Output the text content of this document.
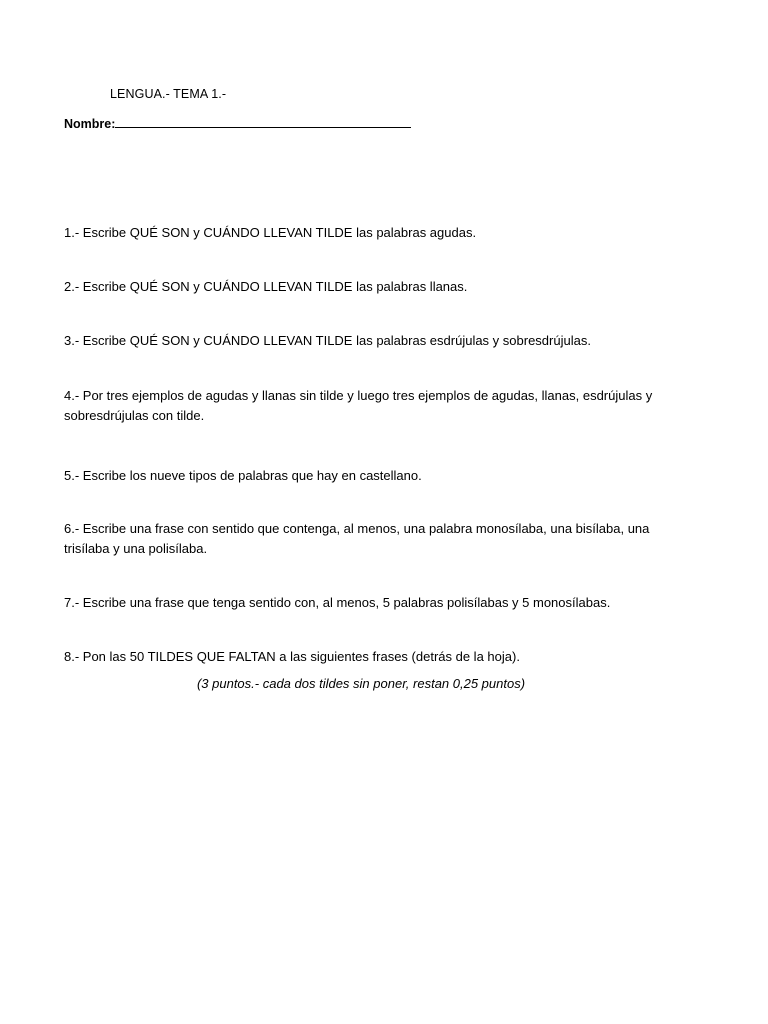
LENGUA.- TEMA 1.-
Nombre:
1.- Escribe QUÉ SON y CUÁNDO LLEVAN TILDE las palabras agudas.
2.- Escribe QUÉ SON y CUÁNDO LLEVAN TILDE las palabras llanas.
3.- Escribe QUÉ SON y CUÁNDO LLEVAN TILDE las palabras esdrújulas y sobresdrújulas.
4.- Por tres ejemplos de agudas y llanas sin tilde y luego tres ejemplos de agudas, llanas, esdrújulas y sobresdrújulas con tilde.
5.- Escribe los nueve tipos de palabras que hay en castellano.
6.- Escribe una frase con sentido que contenga, al menos, una palabra monosílaba, una bisílaba, una trisílaba y una polisílaba.
7.- Escribe una frase que tenga sentido con, al menos, 5 palabras polisílabas y 5 monosílabas.
8.- Pon las 50 TILDES QUE FALTAN a las siguientes frases (detrás de la hoja).
(3 puntos.- cada dos tildes sin poner, restan 0,25 puntos)
